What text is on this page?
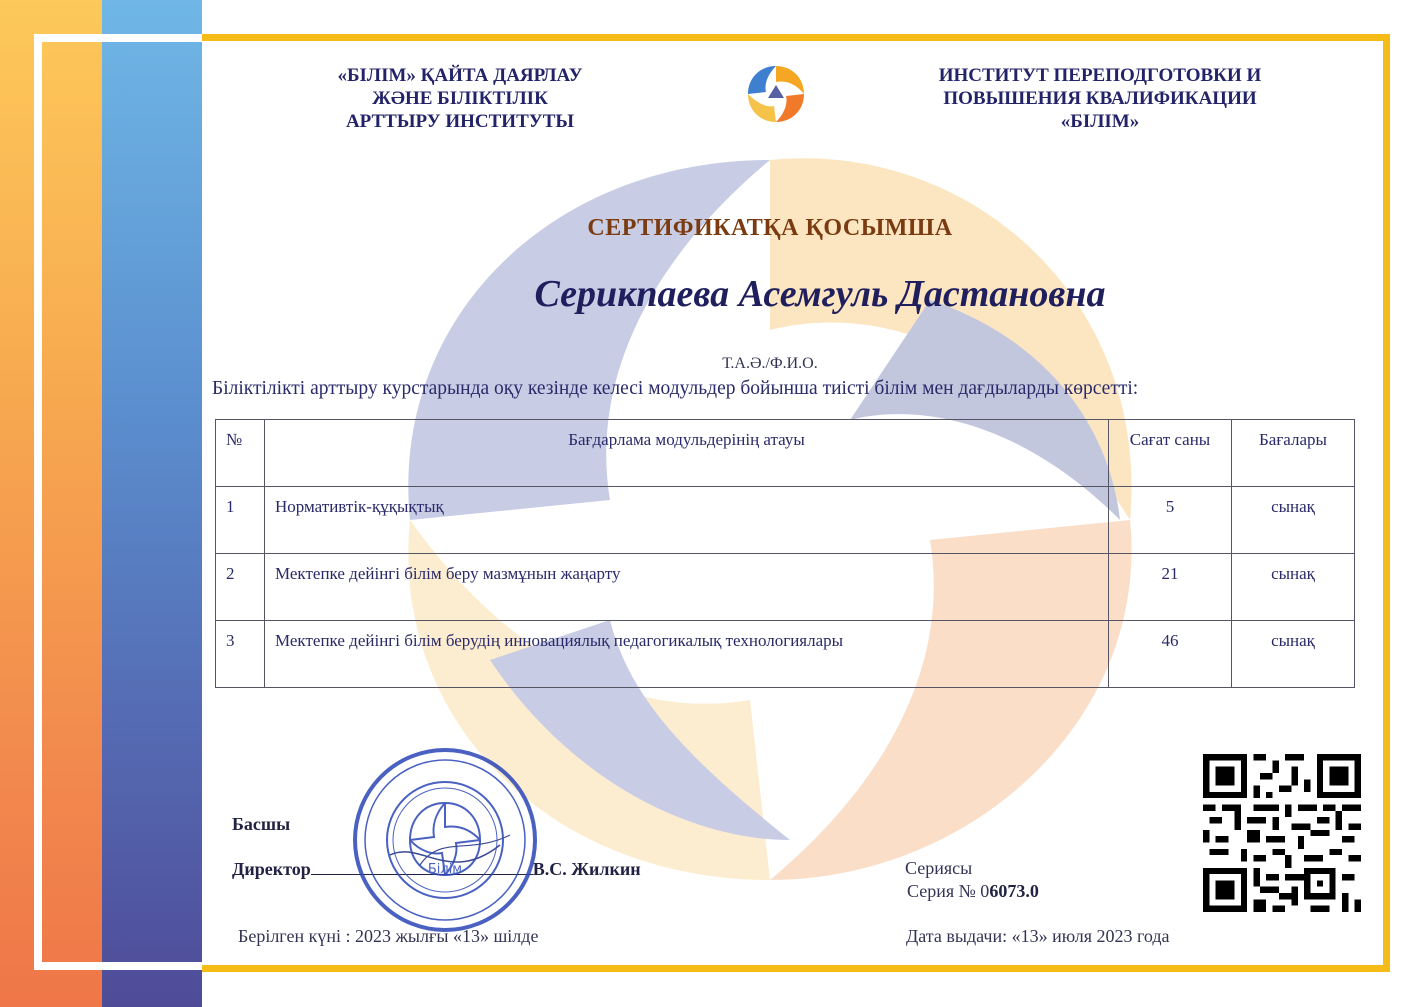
«БІЛІМ» ҚАЙТА ДАЯРЛАУ
ЖӘНЕ БІЛІКТІЛІК
АРТТЫРУ ИНСТИТУТЫ
ИНСТИТУТ ПЕРЕПОДГОТОВКИ И
ПОВЫШЕНИЯ КВАЛИФИКАЦИИ
«БІЛІМ»
СЕРТИФИКАТҚА ҚОСЫМША
Серикпаева Асемгуль Дастановна
Т.А.Ә./Ф.И.О.
Біліктілікті арттыру курстарында оқу кезінде келесі модульдер бойынша тиісті білім мен дағдыларды көрсетті:
№	Бағдарлама модульдерінің атауы	Сағат саны	Бағалары
1	Нормативтік-құқықтық	5	сынақ
2	Мектепке дейінгі білім беру мазмұнын жаңарту	21	сынақ
3	Мектепке дейінгі білім берудің инновациялық педагогикалық технологиялары	46	сынақ
Басшы
Директор	В.С. Жилкин
Білім	Сериясы
Серия № 06073.0
Берілген күні : 2023 жылғы «13» шілде	Дата выдачи: «13» июля 2023 года
